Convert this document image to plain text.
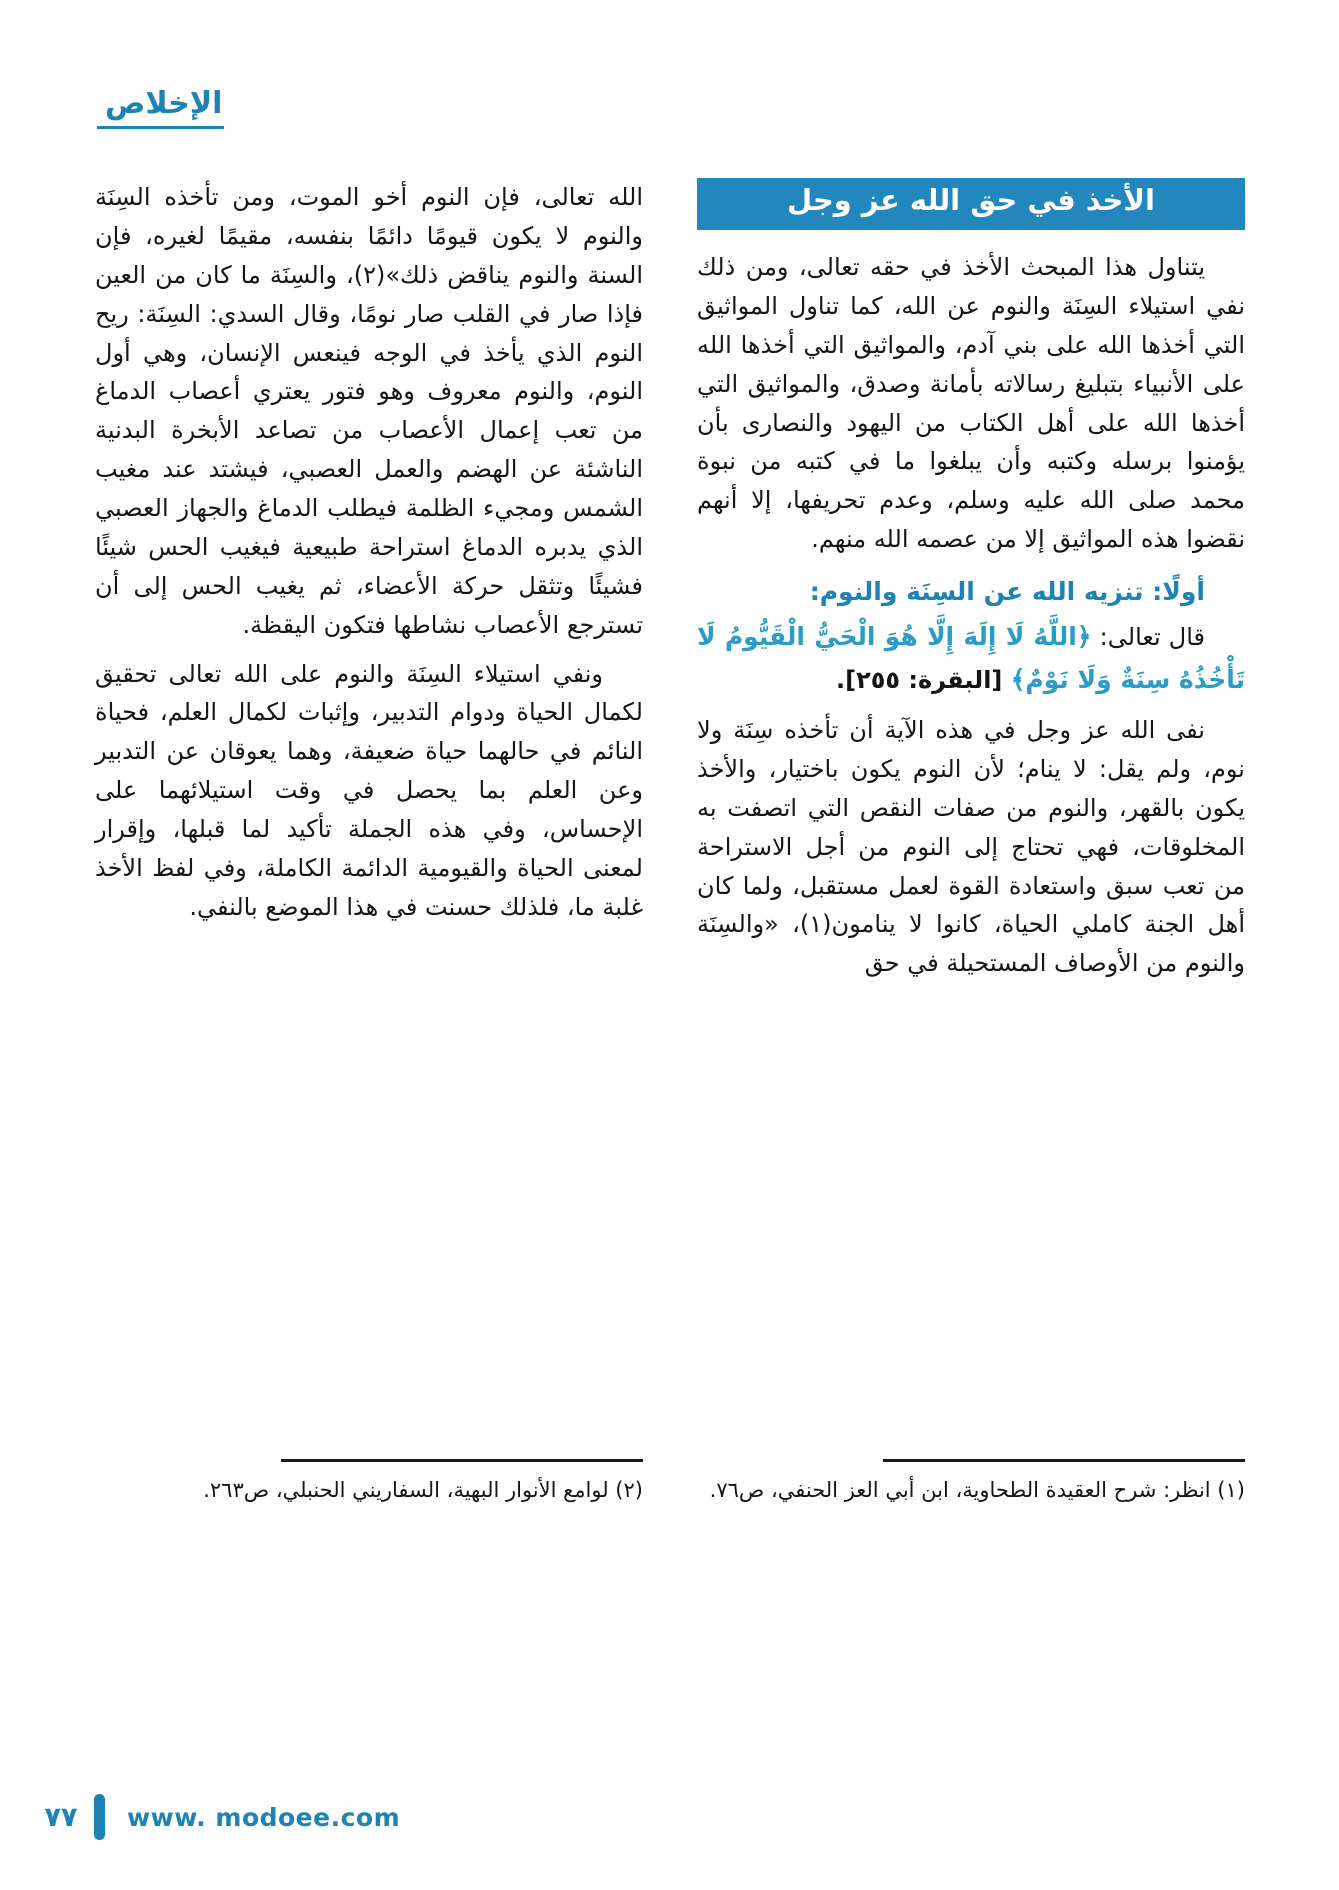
الإخلاص
الأخذ في حق الله عز وجل

يتناول هذا المبحث الأخذ في حقه تعالى، ومن ذلك نفي استيلاء السِنَة والنوم عن الله، كما تناول المواثيق التي أخذها الله على بني آدم، والمواثيق التي أخذها الله على الأنبياء بتبليغ رسالاته بأمانة وصدق، والمواثيق التي أخذها الله على أهل الكتاب من اليهود والنصارى بأن يؤمنوا برسله وكتبه وأن يبلغوا ما في كتبه من نبوة محمد صلى الله عليه وسلم، وعدم تحريفها، إلا أنهم نقضوا هذه المواثيق إلا من عصمه الله منهم.

أولًا: تنزيه الله عن السِنَة والنوم:

قال تعالى: ﴿اللَّهُ لَا إِلَهَ إِلَّا هُوَ الْحَيُّ الْقَيُّومُ لَا تَأْخُذُهُ سِنَةٌ وَلَا نَوْمٌ﴾ [البقرة: ٢٥٥].

نفى الله عز وجل في هذه الآية أن تأخذه سِنَة ولا نوم، ولم يقل: لا ينام؛ لأن النوم يكون باختيار، والأخذ يكون بالقهر، والنوم من صفات النقص التي اتصفت به المخلوقات، فهي تحتاج إلى النوم من أجل الاستراحة من تعب سبق واستعادة القوة لعمل مستقبل، ولما كان أهل الجنة كاملي الحياة، كانوا لا ينامون(١)، «والسِنَة والنوم من الأوصاف المستحيلة في حق

(١) انظر: شرح العقيدة الطحاوية، ابن أبي العز الحنفي، ص٧٦.

الله تعالى، فإن النوم أخو الموت، ومن تأخذه السِنَة والنوم لا يكون قيومًا دائمًا بنفسه، مقيمًا لغيره، فإن السنة والنوم يناقض ذلك»(٢)، والسِنَة ما كان من العين فإذا صار في القلب صار نومًا، وقال السدي: السِنَة: ريح النوم الذي يأخذ في الوجه فينعس الإنسان، وهي أول النوم، والنوم معروف وهو فتور يعتري أعصاب الدماغ من تعب إعمال الأعصاب من تصاعد الأبخرة البدنية الناشئة عن الهضم والعمل العصبي، فيشتد عند مغيب الشمس ومجيء الظلمة فيطلب الدماغ والجهاز العصبي الذي يدبره الدماغ استراحة طبيعية فيغيب الحس شيئًا فشيئًا وتثقل حركة الأعضاء، ثم يغيب الحس إلى أن تسترجع الأعصاب نشاطها فتكون اليقظة.

ونفي استيلاء السِنَة والنوم على الله تعالى تحقيق لكمال الحياة ودوام التدبير، وإثبات لكمال العلم، فحياة النائم في حالهما حياة ضعيفة، وهما يعوقان عن التدبير وعن العلم بما يحصل في وقت استيلائهما على الإحساس، وفي هذه الجملة تأكيد لما قبلها، وإقرار لمعنى الحياة والقيومية الدائمة الكاملة، وفي لفظ الأخذ غلبة ما، فلذلك حسنت في هذا الموضع بالنفي.

(٢) لوامع الأنوار البهية، السفاريني الحنبلي، ص٢٦٣.

٧٧	www. modoee.com
